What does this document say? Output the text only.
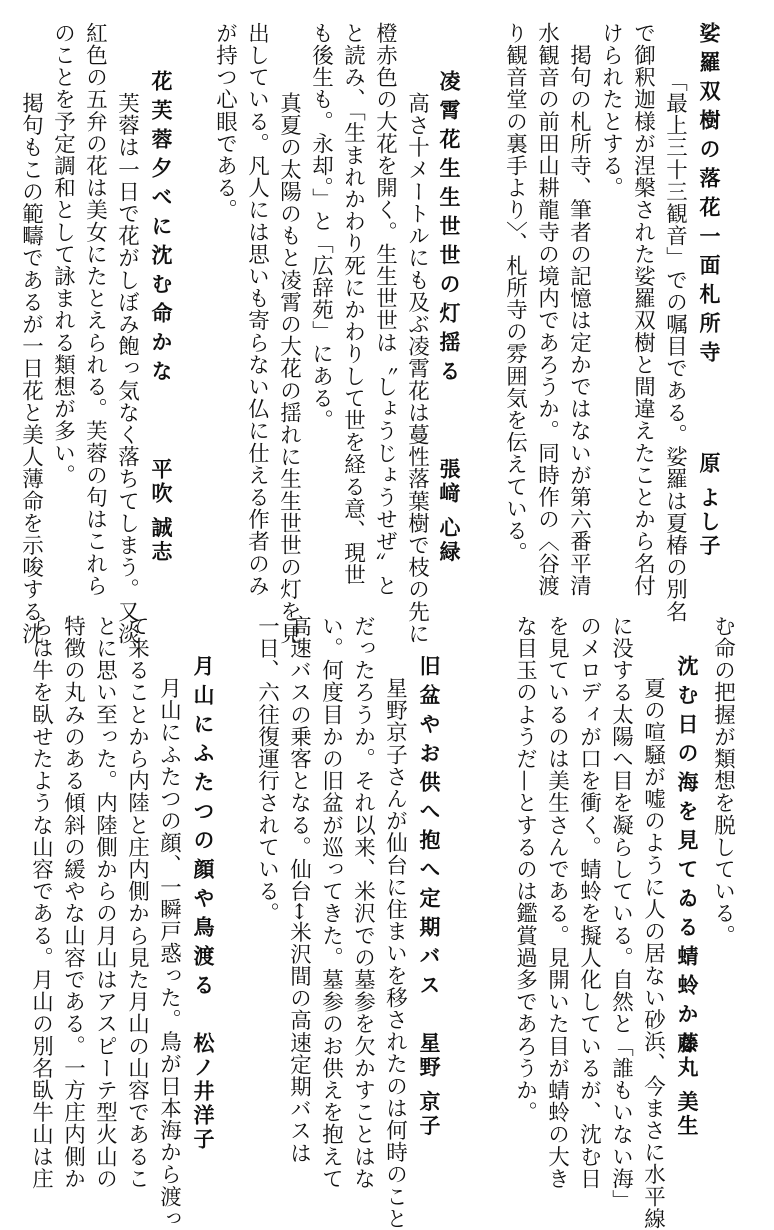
娑羅双樹の落花一面札所寺
原 よし子
「最上三十三観音」での嘱目である。娑羅は夏椿の別名
で御釈迦様が涅槃された娑羅双樹と間違えたことから名付
けられたとする。
　掲句の札所寺、筆者の記憶は定かではないが第六番平清
水観音の前田山耕龍寺の境内であろうか。同時作の〈谷渡
り観音堂の裏手より〉、札所寺の雰囲気を伝えている。
凌霄花生生世世の灯揺る
張﨑 心緑
　高さ十メートルにも及ぶ凌霄花は蔓性落葉樹で枝の先に
橙赤色の大花を開く。生生世世は〝しょうじょうせぜ〟と
と読み、「生まれかわり死にかわりして世を経る意、現世
も後生も。永却。」と「広辞苑」にある。
　真夏の太陽のもと凌霄の大花の揺れに生生世世の灯を見
出している。凡人には思いも寄らない仏に仕える作者のみ
が持つ心眼である。
花芙蓉夕べに沈む命かな
平吹 誠志
　芙蓉は一日で花がしぼみ飽っ気なく落ちてしまう。又淡
紅色の五弁の花は美女にたとえられる。芙蓉の句はこれら
のことを予定調和として詠まれる類想が多い。
　掲句もこの範疇であるが一日花と美人薄命を示唆する沈
む命の把握が類想を脱している。
沈む日の海を見てゐる蜻蛉かな
藤丸 美生
　夏の喧騒が嘘のように人の居ない砂浜、今まさに水平線
に没する太陽へ目を凝らしている。自然と「誰もいない海」
のメロディが口を衝く。蜻蛉を擬人化しているが、沈む日
を見ているのは美生さんである。見開いた目が蜻蛉の大き
な目玉のようだ—とするのは鑑賞過多であろうか。
旧盆やお供へ抱へ定期バス
星野 京子
　星野京子さんが仙台に住まいを移されたのは何時のこと
だったろうか。それ以来、米沢での墓参を欠かすことはな
い。何度目かの旧盆が巡ってきた。墓参のお供えを抱えて
高速バスの乗客となる。仙台↔米沢間の高速定期バスは
一日、六往復運行されている。
月山にふたつの顔や鳥渡る
松ノ井洋子
　月山にふたつの顔、一瞬戸惑った。鳥が日本海から渡っ
て来ることから内陸と庄内側から見た月山の山容であるこ
とに思い至った。内陸側からの月山はアスピーテ型火山の
特徴の丸みのある傾斜の緩やな山容である。一方庄内側か
らは牛を臥せたような山容である。月山の別名臥牛山は庄
